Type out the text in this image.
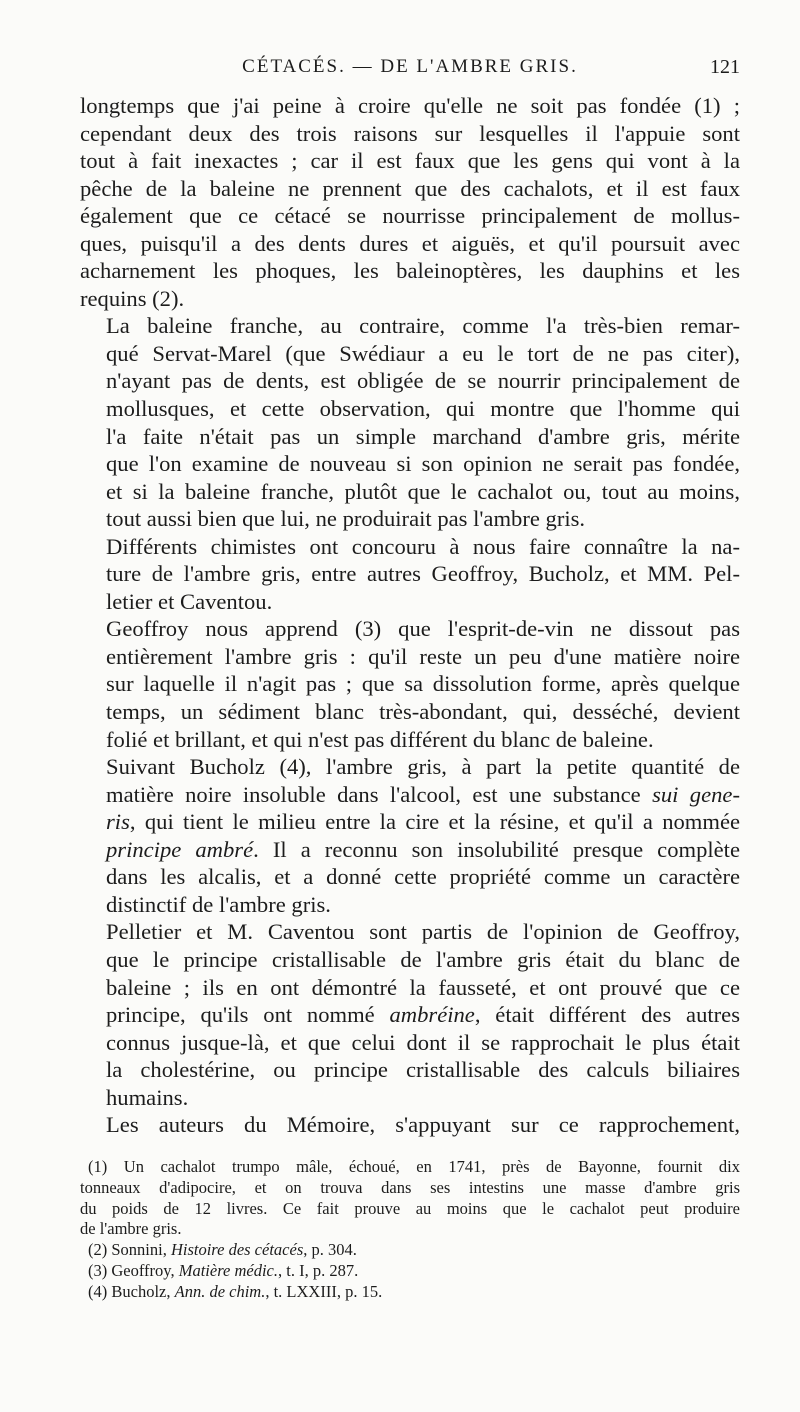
CÉTACÉS. — DE L'AMBRE GRIS.	121

longtemps que j'ai peine à croire qu'elle ne soit pas fondée (1) ;
cependant deux des trois raisons sur lesquelles il l'appuie sont
tout à fait inexactes ; car il est faux que les gens qui vont à la
pêche de la baleine ne prennent que des cachalots, et il est faux
également que ce cétacé se nourrisse principalement de mollus-
ques, puisqu'il a des dents dures et aiguës, et qu'il poursuit avec
acharnement les phoques, les baleinoptères, les dauphins et les
requins (2).

La baleine franche, au contraire, comme l'a très-bien remar-
qué Servat-Marel (que Swédiaur a eu le tort de ne pas citer),
n'ayant pas de dents, est obligée de se nourrir principalement de
mollusques, et cette observation, qui montre que l'homme qui
l'a faite n'était pas un simple marchand d'ambre gris, mérite
que l'on examine de nouveau si son opinion ne serait pas fondée,
et si la baleine franche, plutôt que le cachalot ou, tout au moins,
tout aussi bien que lui, ne produirait pas l'ambre gris.

Différents chimistes ont concouru à nous faire connaître la na-
ture de l'ambre gris, entre autres Geoffroy, Bucholz, et MM. Pel-
letier et Caventou.

Geoffroy nous apprend (3) que l'esprit-de-vin ne dissout pas
entièrement l'ambre gris : qu'il reste un peu d'une matière noire
sur laquelle il n'agit pas ; que sa dissolution forme, après quelque
temps, un sédiment blanc très-abondant, qui, desséché, devient
folié et brillant, et qui n'est pas différent du blanc de baleine.

Suivant Bucholz (4), l'ambre gris, à part la petite quantité de
matière noire insoluble dans l'alcool, est une substance sui gene-
ris, qui tient le milieu entre la cire et la résine, et qu'il a nommée
principe ambré. Il a reconnu son insolubilité presque complète
dans les alcalis, et a donné cette propriété comme un caractère
distinctif de l'ambre gris.

Pelletier et M. Caventou sont partis de l'opinion de Geoffroy,
que le principe cristallisable de l'ambre gris était du blanc de
baleine ; ils en ont démontré la fausseté, et ont prouvé que ce
principe, qu'ils ont nommé ambréine, était différent des autres
connus jusque-là, et que celui dont il se rapprochait le plus était
la cholestérine, ou principe cristallisable des calculs biliaires
humains.

Les auteurs du Mémoire, s'appuyant sur ce rapprochement,

(1) Un cachalot trumpo mâle, échoué, en 1741, près de Bayonne, fournit dix
tonneaux d'adipocire, et on trouva dans ses intestins une masse d'ambre gris
du poids de 12 livres. Ce fait prouve au moins que le cachalot peut produire
de l'ambre gris.
(2) Sonnini, Histoire des cétacés, p. 304.
(3) Geoffroy, Matière médic., t. I, p. 287.
(4) Bucholz, Ann. de chim., t. LXXIII, p. 15.
